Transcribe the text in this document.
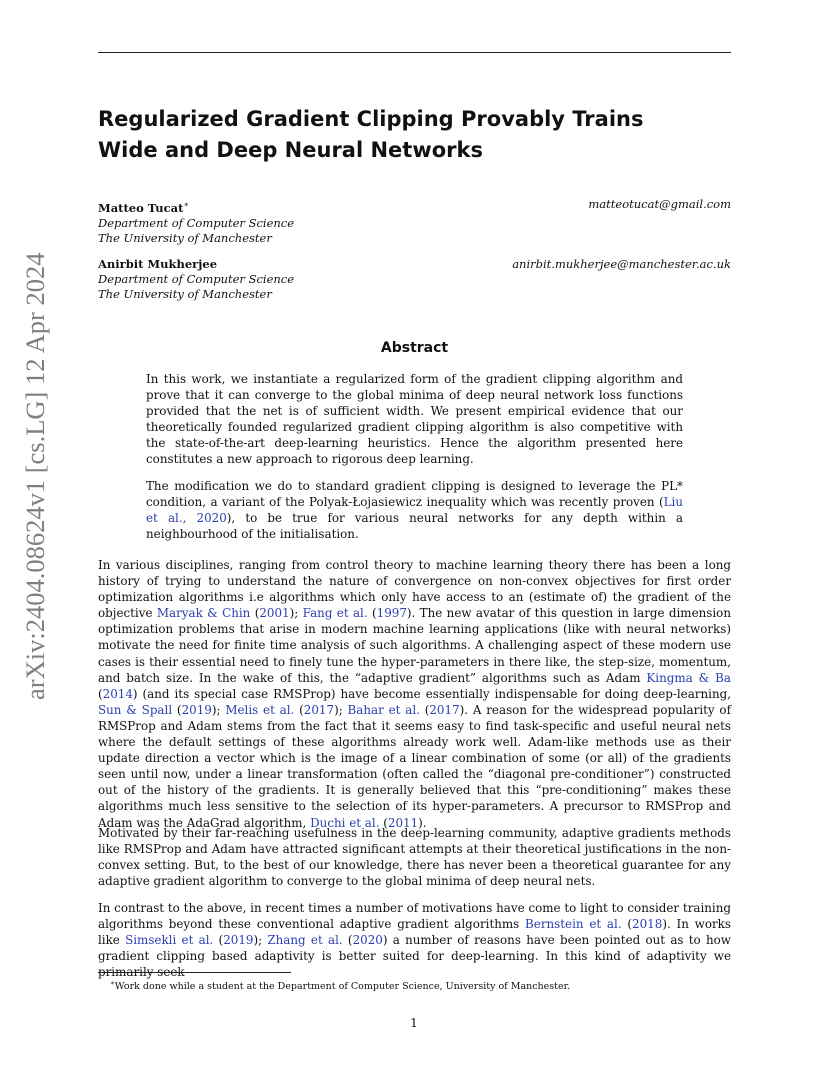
arXiv:2404.08624v1 [cs.LG] 12 Apr 2024
Regularized Gradient Clipping Provably Trains Wide and Deep Neural Networks
Matteo Tucat∗
Department of Computer Science
The University of Manchester
matteotucat@gmail.com
Anirbit Mukherjee
Department of Computer Science
The University of Manchester
anirbit.mukherjee@manchester.ac.uk
Abstract

In this work, we instantiate a regularized form of the gradient clipping algorithm and prove that it can converge to the global minima of deep neural network loss functions provided that the net is of sufficient width. We present empirical evidence that our theoretically founded regularized gradient clipping algorithm is also competitive with the state-of-the-art deep-learning heuristics. Hence the algorithm presented here constitutes a new approach to rigorous deep learning.

The modification we do to standard gradient clipping is designed to leverage the PL* condition, a variant of the Polyak-Łojasiewicz inequality which was recently proven (Liu et al., 2020), to be true for various neural networks for any depth within a neighbourhood of the initialisation.

In various disciplines, ranging from control theory to machine learning theory there has been a long history of trying to understand the nature of convergence on non-convex objectives for first order optimization algorithms i.e algorithms which only have access to an (estimate of) the gradient of the objective Maryak & Chin (2001); Fang et al. (1997). The new avatar of this question in large dimension optimization problems that arise in modern machine learning applications (like with neural networks) motivate the need for finite time analysis of such algorithms. A challenging aspect of these modern use cases is their essential need to finely tune the hyper-parameters in there like, the step-size, momentum, and batch size. In the wake of this, the “adaptive gradient” algorithms such as Adam Kingma & Ba (2014) (and its special case RMSProp) have become essentially indispensable for doing deep-learning, Sun & Spall (2019); Melis et al. (2017); Bahar et al. (2017). A reason for the widespread popularity of RMSProp and Adam stems from the fact that it seems easy to find task-specific and useful neural nets where the default settings of these algorithms already work well. Adam-like methods use as their update direction a vector which is the image of a linear combination of some (or all) of the gradients seen until now, under a linear transformation (often called the “diagonal pre-conditioner”) constructed out of the history of the gradients. It is generally believed that this “pre-conditioning” makes these algorithms much less sensitive to the selection of its hyper-parameters. A precursor to RMSProp and Adam was the AdaGrad algorithm, Duchi et al. (2011).

Motivated by their far-reaching usefulness in the deep-learning community, adaptive gradients methods like RMSProp and Adam have attracted significant attempts at their theoretical justifications in the non-convex setting. But, to the best of our knowledge, there has never been a theoretical guarantee for any adaptive gradient algorithm to converge to the global minima of deep neural nets.

In contrast to the above, in recent times a number of motivations have come to light to consider training algorithms beyond these conventional adaptive gradient algorithms Bernstein et al. (2018). In works like Simsekli et al. (2019); Zhang et al. (2020) a number of reasons have been pointed out as to how gradient clipping based adaptivity is better suited for deep-learning. In this kind of adaptivity we primarily seek

∗Work done while a student at the Department of Computer Science, University of Manchester.
1
